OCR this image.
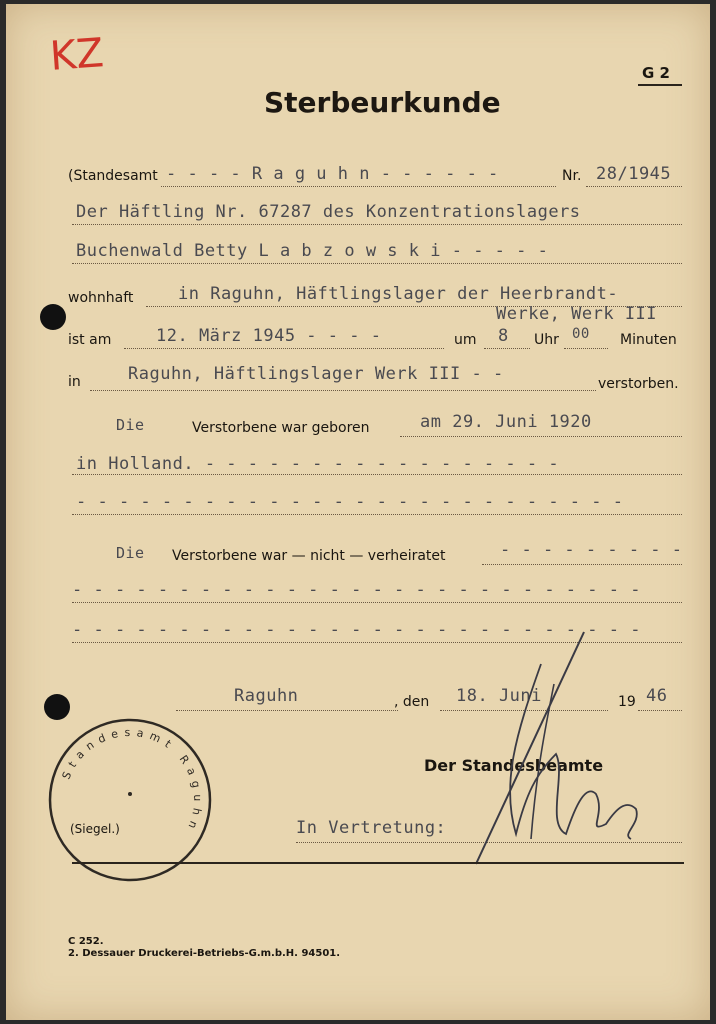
KZ	G 2
Sterbeurkunde
(Standesamt - - - - R a g u h n - - - - - -	Nr. 28/1945
Der Häftling Nr. 67287 des Konzentrationslagers
Buchenwald Betty L a b z o w s k i - - - - -
wohnhaft	in Raguhn, Häftlingslager der Heerbrandt-
Werke, Werk III
ist am	12. März 1945 - - - -	um 8 Uhr 00 Minuten
in	Raguhn, Häftlingslager Werk III - -	verstorben.
Die	Verstorbene war geboren	am 29. Juni 1920
in Holland. - - - - - - - - - - - - - - - - -
- - - - - - - - - - - - - - - - - - - - - - - - - -
Die Verstorbene war — nicht — verheiratet	- - - - - - - - -
- - - - - - - - - - - - - - - - - - - - - - - - - - -
- - - - - - - - - - - - - - - - - - - - - - - - - - -
Raguhn	, den 18. Juni	19 46
Der Standesbeamte
Standesamt Raguhn
(Siegel.)	In Vertretung:
C 252.
2. Dessauer Druckerei-Betriebs-G.m.b.H. 94501.
